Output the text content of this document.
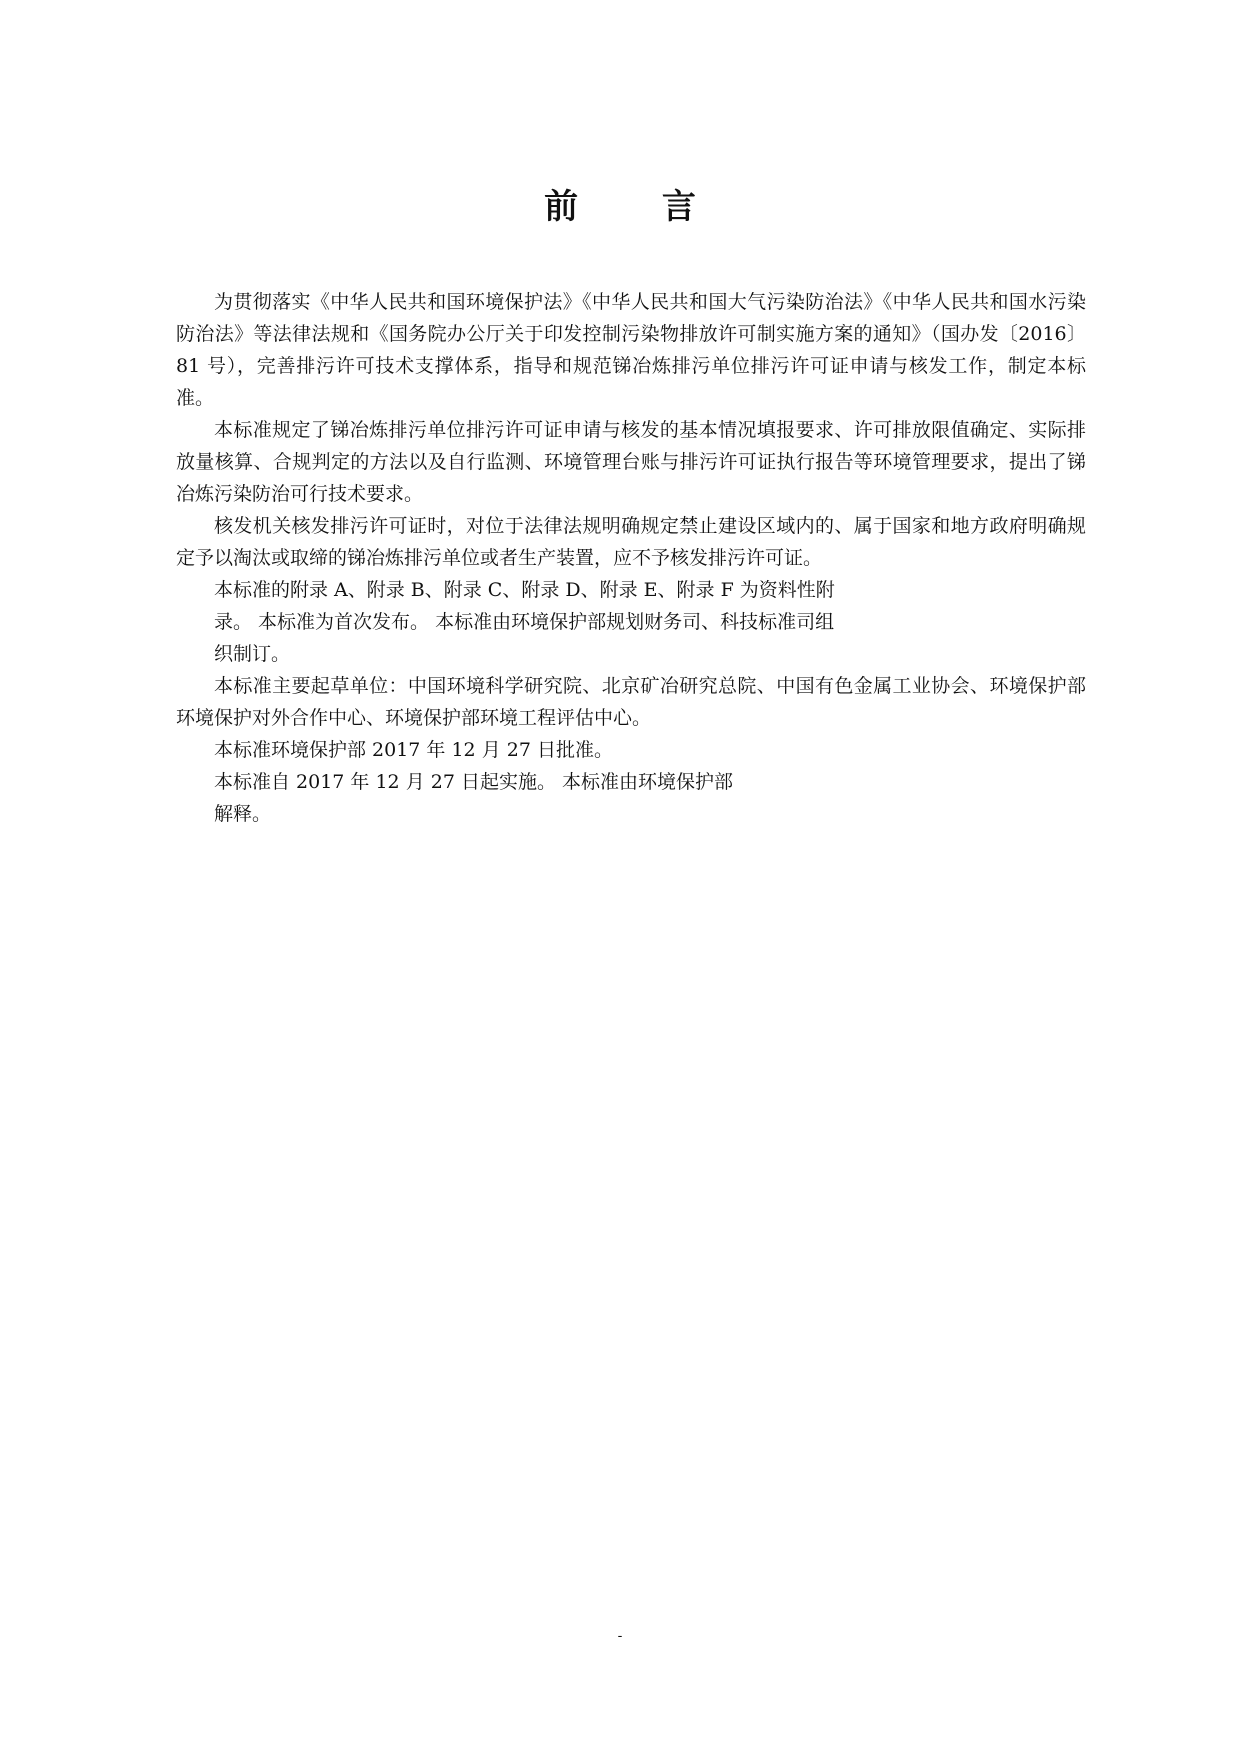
前 言

为贯彻落实《中华人民共和国环境保护法》《中华人民共和国大气污染防治法》《中华人民共和国水污染防治法》等法律法规和《国务院办公厅关于印发控制污染物排放许可制实施方案的通知》（国办发〔2016〕81 号），完善排污许可技术支撑体系，指导和规范锑冶炼排污单位排污许可证申请与核发工作，制定本标准。

本标准规定了锑冶炼排污单位排污许可证申请与核发的基本情况填报要求、许可排放限值确定、实际排放量核算、合规判定的方法以及自行监测、环境管理台账与排污许可证执行报告等环境管理要求，提出了锑冶炼污染防治可行技术要求。

核发机关核发排污许可证时，对位于法律法规明确规定禁止建设区域内的、属于国家和地方政府明确规定予以淘汰或取缔的锑冶炼排污单位或者生产装置，应不予核发排污许可证。

本标准的附录 A、附录 B、附录 C、附录 D、附录 E、附录 F 为资料性附

录。 本标准为首次发布。 本标准由环境保护部规划财务司、科技标准司组

织制订。

本标准主要起草单位：中国环境科学研究院、北京矿冶研究总院、中国有色金属工业协会、环境保护部环境保护对外合作中心、环境保护部环境工程评估中心。

本标准环境保护部 2017 年 12 月 27 日批准。

本标准自 2017 年 12 月 27 日起实施。 本标准由环境保护部

解释。

-
